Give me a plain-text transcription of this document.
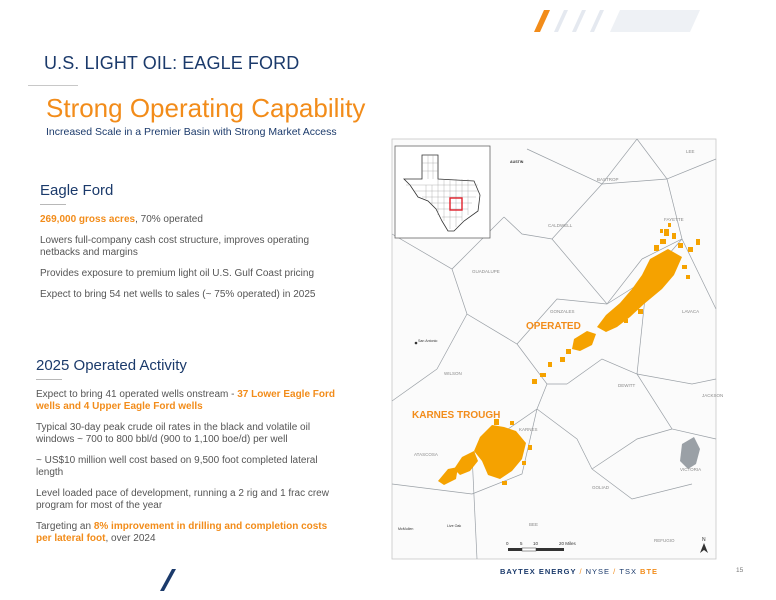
U.S. LIGHT OIL: EAGLE FORD
Strong Operating Capability
Increased Scale in a Premier Basin with Strong Market Access
Eagle Ford

269,000 gross acres, 70% operated

Lowers full-company cash cost structure, improves operating netbacks and margins

Provides exposure to premium light oil U.S. Gulf Coast pricing

Expect to bring 54 net wells to sales (~ 75% operated) in 2025

2025 Operated Activity

Expect to bring 41 operated wells onstream - 37 Lower Eagle Ford wells and 4 Upper Eagle Ford wells

Typical 30-day peak crude oil rates in the black and volatile oil windows ~ 700 to 800 bbl/d (900 to 1,100 boe/d) per well

~ US$10 million well cost based on 9,500 foot completed lateral length

Level loaded pace of development, running a 2 rig and 1 frac crew program for most of the year

Targeting an 8% improvement in drilling and completion costs per lateral foot, over 2024

LEE
BASTROP
CALDWELL
FAYETTE
GUADALUPE
GONZALES	LAVACA
WILSON
DEWITT
KARNES
ATASCOSA
GOLIAD
VICTORIA
BEE
REFUGIO
JACKSON
AUSTIN
San Antonio
Live Oak
McMullen
OPERATED
KARNES TROUGH
0	5 10	20 Miles
N
BAYTEX ENERGY / NYSE / TSX BTE	15
